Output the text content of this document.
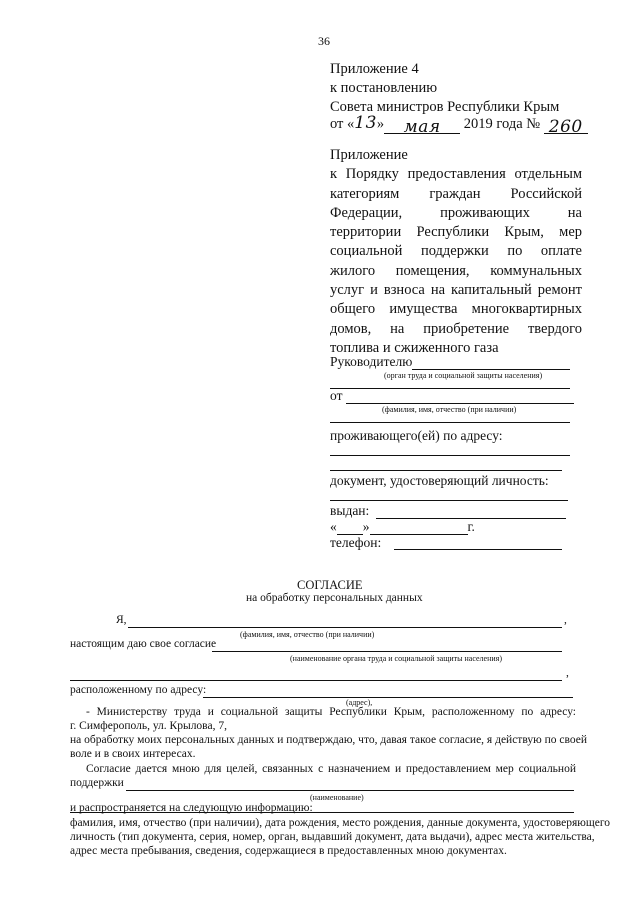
36
Приложение 4
к постановлению
Совета министров Республики Крым
от «13» мая 2019 года № 260
Приложение
к Порядку предоставления отдельным
категориям граждан Российской
Федерации, проживающих на
территории Республики Крым, мер
социальной поддержки по оплате
жилого помещения, коммунальных
услуг и взноса на капитальный ремонт
общего имущества многоквартирных
домов, на приобретение твердого
топлива и сжиженного газа
Руководителю
(орган труда и социальной защиты населения)
от
(фамилия, имя, отчество (при наличии)
проживающего(ей) по адресу:
документ, удостоверяющий личность:
выдан:
« »	г.
телефон:
СОГЛАСИЕ
на обработку персональных данных
Я,	,
(фамилия, имя, отчество (при наличии)
настоящим даю свое согласие
(наименование органа труда и социальной защиты населения)
,
расположенному по адресу:
(адрес),
- Министерству труда и социальной защиты Республики Крым, расположенному по адресу:
г. Симферополь, ул. Крылова, 7,
на обработку моих персональных данных и подтверждаю, что, давая такое согласие, я действую по своей
воле и в своих интересах.
Согласие дается мною для целей, связанных с назначением и предоставлением мер социальной
поддержки
(наименование)
и распространяется на следующую информацию:
фамилия, имя, отчество (при наличии), дата рождения, место рождения, данные документа, удостоверяющего
личность (тип документа, серия, номер, орган, выдавший документ, дата выдачи), адрес места жительства,
адрес места пребывания, сведения, содержащиеся в предоставленных мною документах.
